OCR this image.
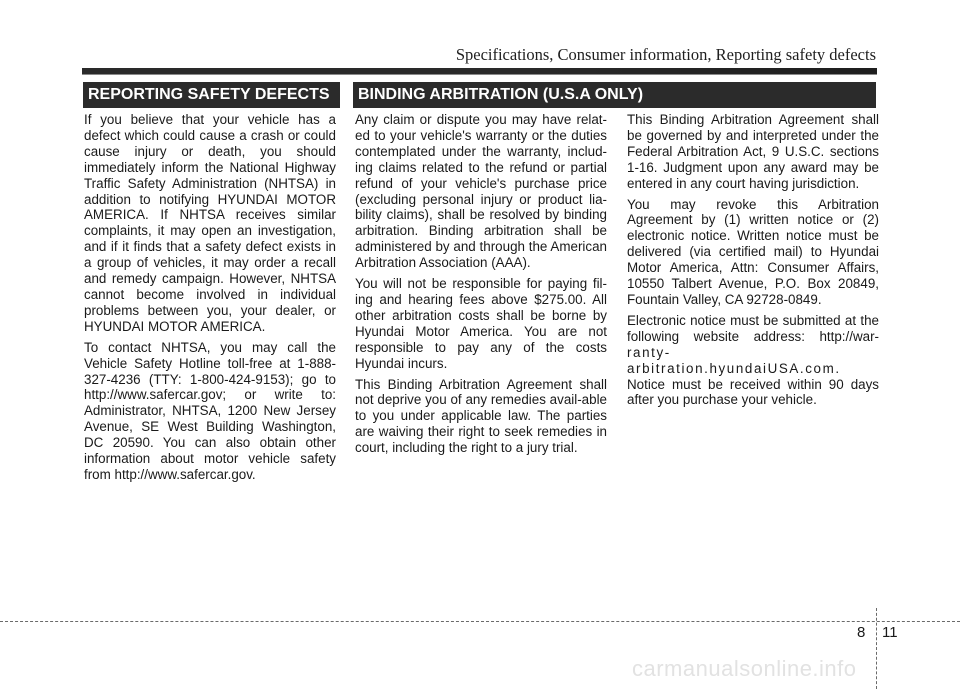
Specifications, Consumer information, Reporting safety defects
REPORTING SAFETY DEFECTS	BINDING ARBITRATION (U.S.A ONLY)

If you believe that your vehicle has a defect which could cause a crash or could cause injury or death, you should immediately inform the National Highway Traffic Safety Administration (NHTSA) in addition to notifying HYUNDAI MOTOR AMERICA. If NHTSA receives similar complaints, it may open an investigation, and if it finds that a safety defect exists in a group of vehicles, it may order a recall and remedy campaign. However, NHTSA cannot become involved in individual problems between you, your dealer, or HYUNDAI MOTOR AMERICA.

To contact NHTSA, you may call the Vehicle Safety Hotline toll-free at 1-888-327-4236 (TTY: 1-800-424-9153); go to http://www.safercar.gov; or write to: Administrator, NHTSA, 1200 New Jersey Avenue, SE West Building Washington, DC 20590. You can also obtain other information about motor vehicle safety from http://www.safercar.gov.

Any claim or dispute you may have relat-ed to your vehicle's warranty or the duties contemplated under the warranty, includ-ing claims related to the refund or partial refund of your vehicle's purchase price (excluding personal injury or product lia-bility claims), shall be resolved by binding arbitration. Binding arbitration shall be administered by and through the American Arbitration Association (AAA).

You will not be responsible for paying fil-ing and hearing fees above $275.00. All other arbitration costs shall be borne by Hyundai Motor America. You are not responsible to pay any of the costs Hyundai incurs.

This Binding Arbitration Agreement shall not deprive you of any remedies avail-able to you under applicable law. The parties are waiving their right to seek remedies in court, including the right to a jury trial.

This Binding Arbitration Agreement shall be governed by and interpreted under the Federal Arbitration Act, 9 U.S.C. sections 1-16. Judgment upon any award may be entered in any court having jurisdiction.

You may revoke this Arbitration Agreement by (1) written notice or (2) electronic notice. Written notice must be delivered (via certified mail) to Hyundai Motor America, Attn: Consumer Affairs, 10550 Talbert Avenue, P.O. Box 20849, Fountain Valley, CA 92728-0849.

Electronic notice must be submitted at the following website address: http://war- ranty-arbitration.hyundaiUSA.com. Notice must be received within 90 days after you purchase your vehicle.

8 11
carmanualsonline.info
